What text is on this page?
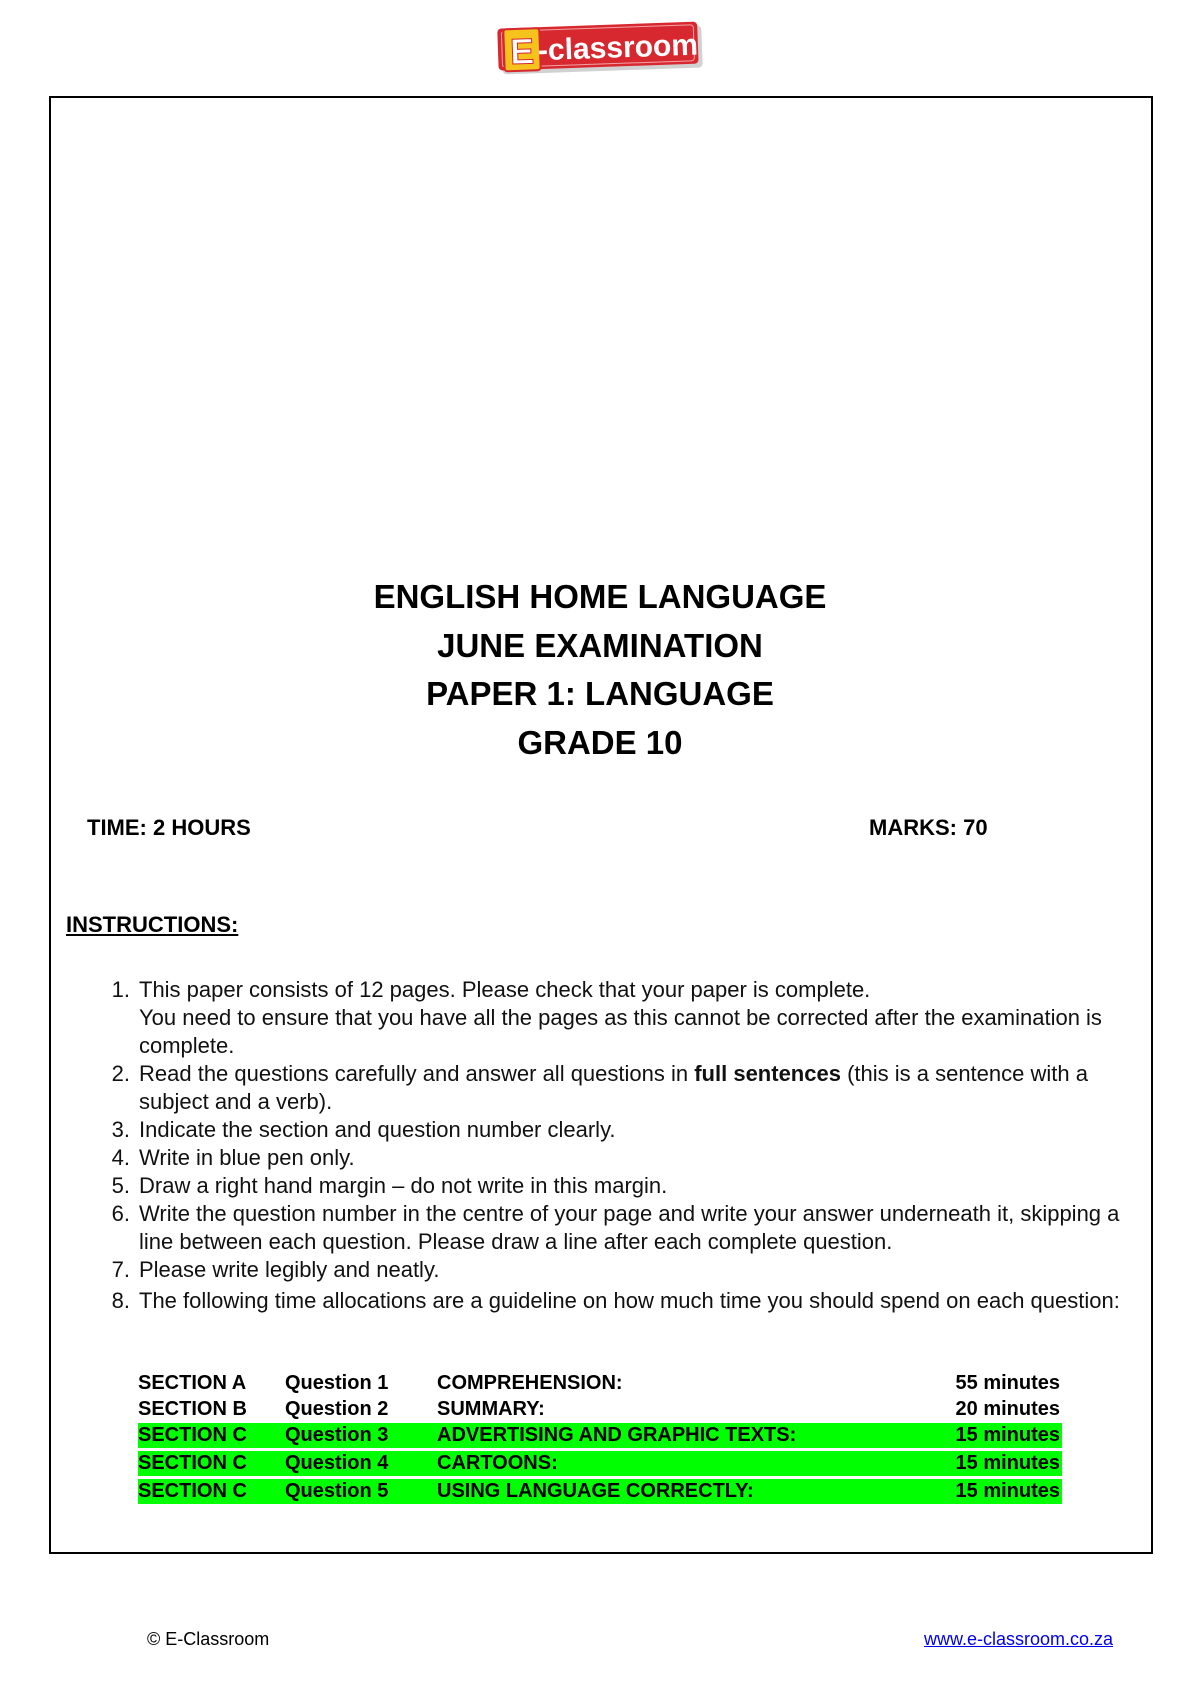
E -classroom
ENGLISH HOME LANGUAGE
JUNE EXAMINATION
PAPER 1: LANGUAGE
GRADE 10
TIME: 2 HOURS	MARKS: 70
INSTRUCTIONS:
1. This paper consists of 12 pages. Please check that your paper is complete.
You need to ensure that you have all the pages as this cannot be corrected after the examination is complete.
2. Read the questions carefully and answer all questions in full sentences (this is a sentence with a subject and a verb).
3. Indicate the section and question number clearly.
4. Write in blue pen only.
5. Draw a right hand margin – do not write in this margin.
6. Write the question number in the centre of your page and write your answer underneath it, skipping a line between each question. Please draw a line after each complete question.
7. Please write legibly and neatly.
8. The following time allocations are a guideline on how much time you should spend on each question:
SECTION A Question 1 COMPREHENSION:	55 minutes
SECTION B Question 2 SUMMARY:	20 minutes
SECTION C Question 3 ADVERTISING AND GRAPHIC TEXTS:	15 minutes
SECTION C Question 4 CARTOONS:	15 minutes
SECTION C Question 5 USING LANGUAGE CORRECTLY:	15 minutes
© E-Classroom	www.e-classroom.co.za
